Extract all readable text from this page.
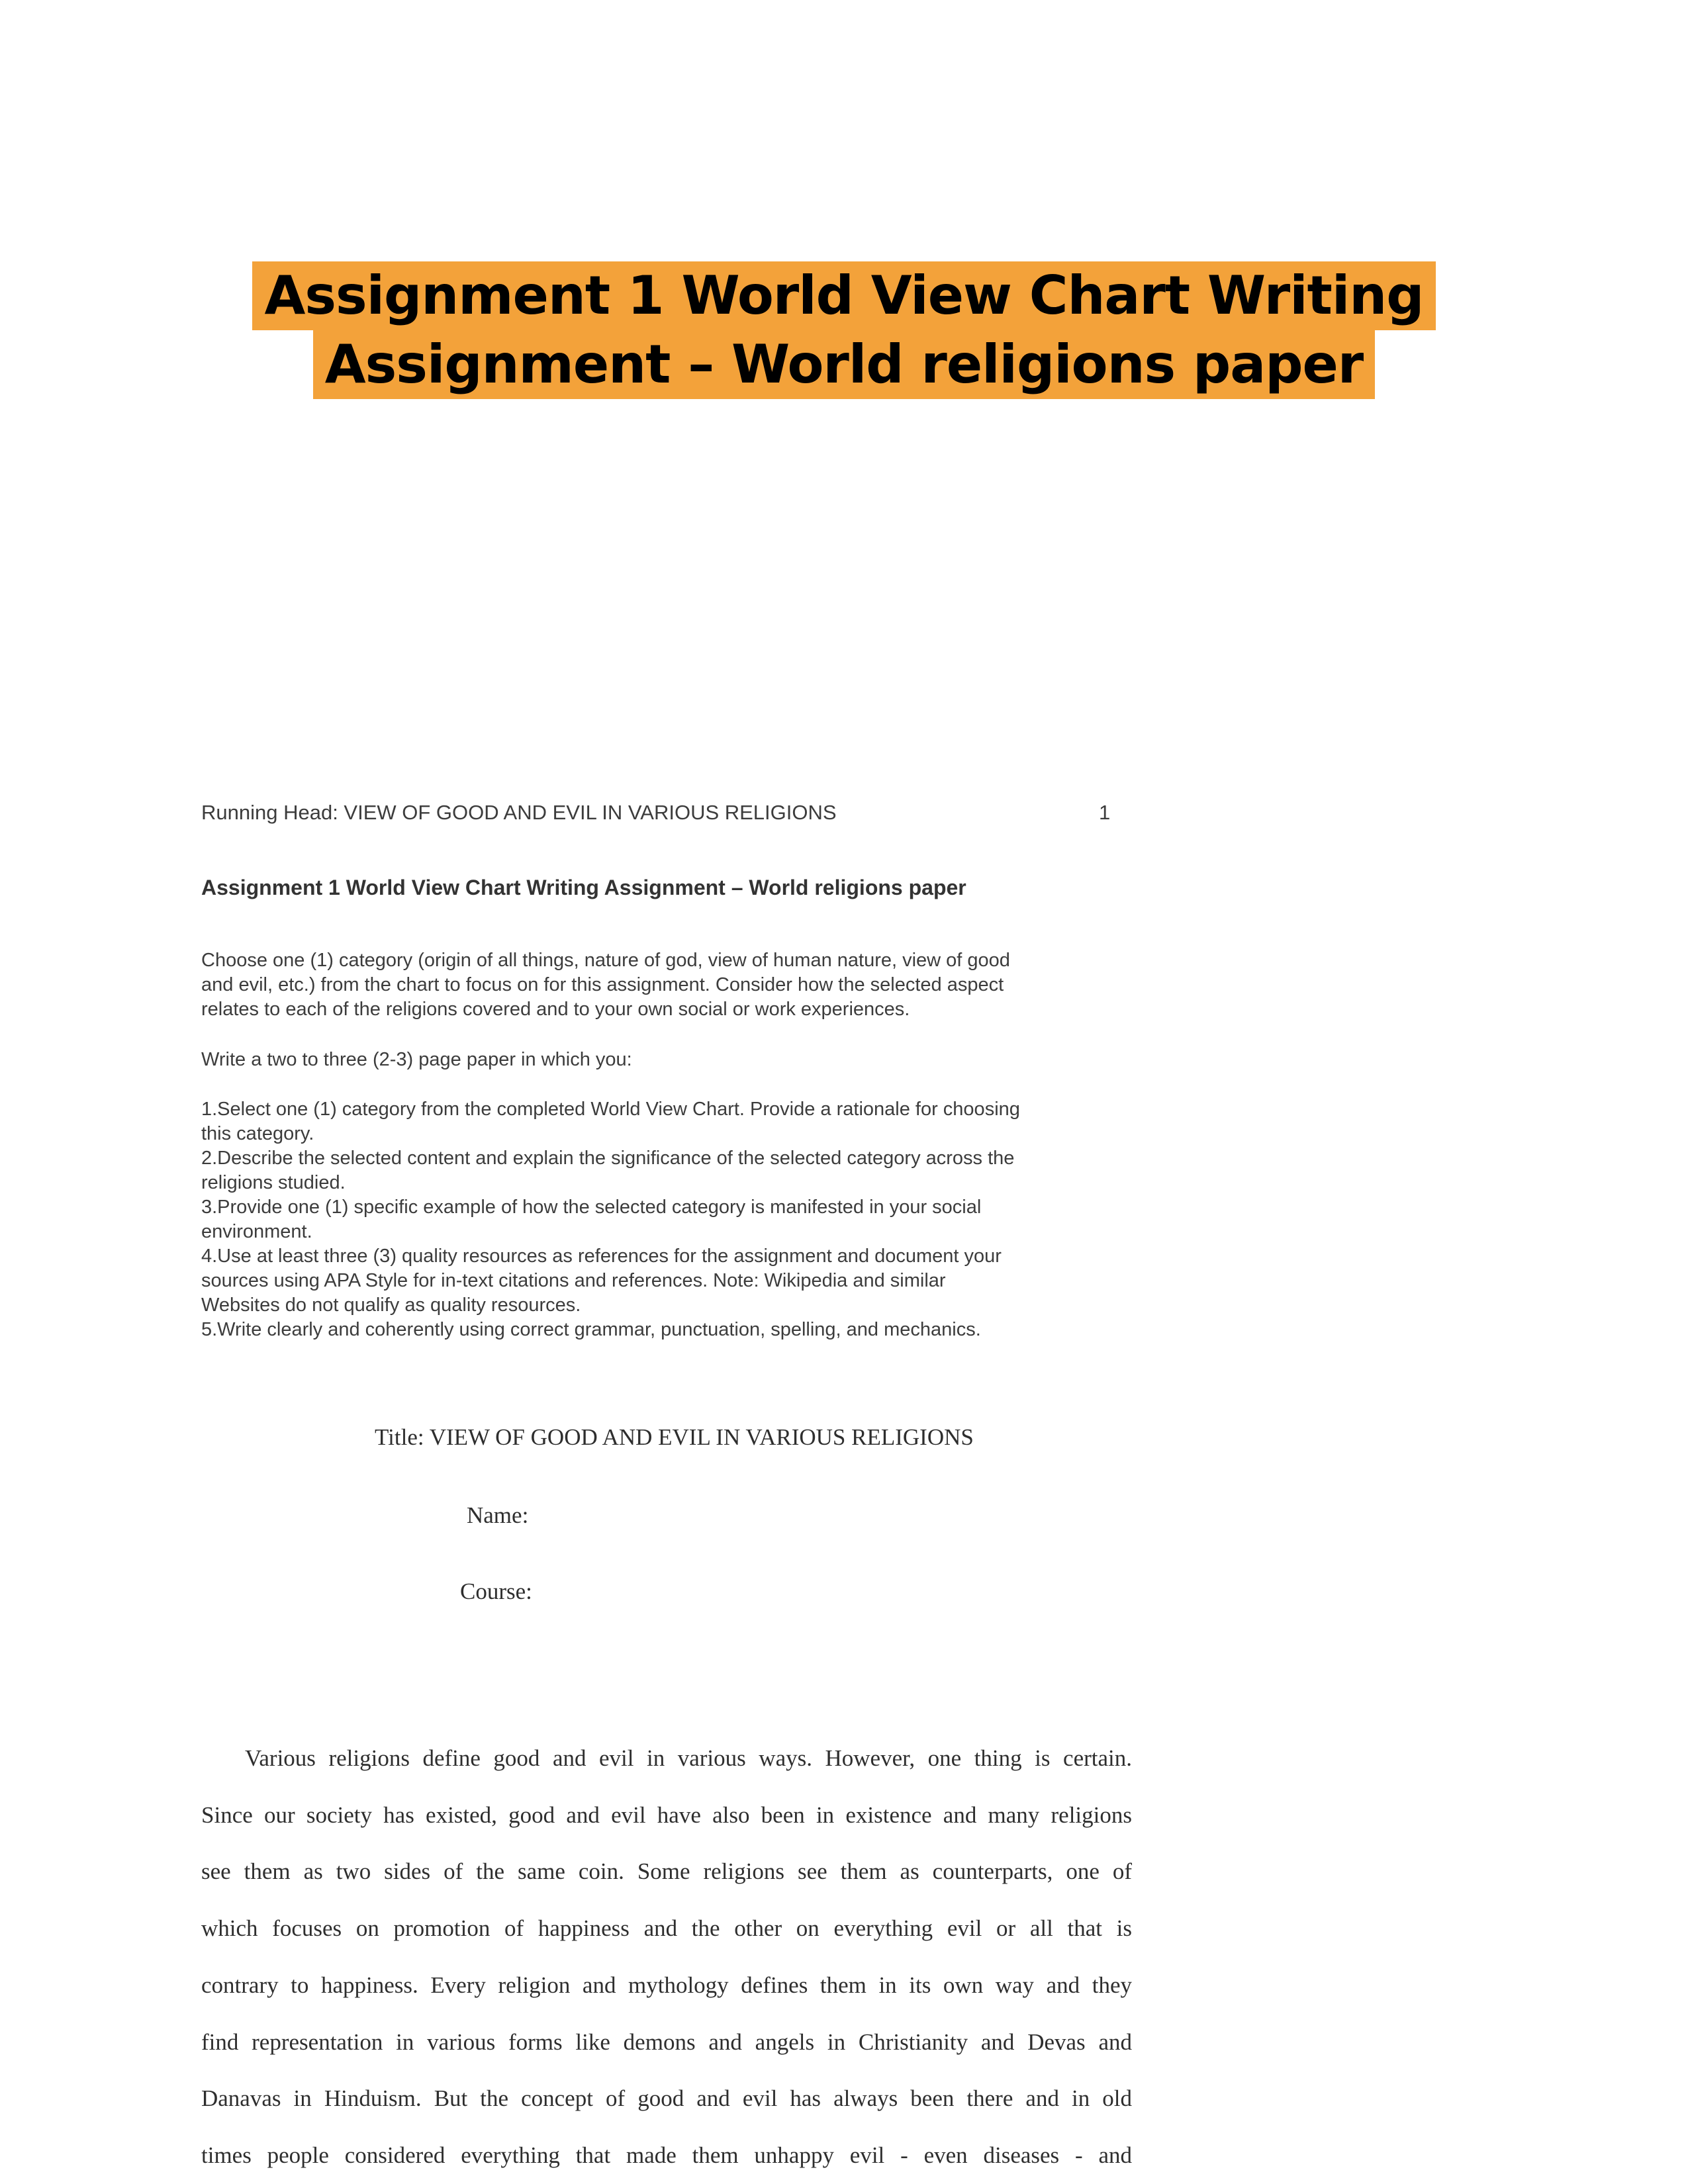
Assignment 1 World View Chart Writing
Assignment – World religions paper
Running Head: VIEW OF GOOD AND EVIL IN VARIOUS RELIGIONS	1
Assignment 1 World View Chart Writing Assignment – World religions paper
Choose one (1) category (origin of all things, nature of god, view of human nature, view of good
and evil, etc.) from the chart to focus on for this assignment. Consider how the selected aspect
relates to each of the religions covered and to your own social or work experiences.
Write a two to three (2-3) page paper in which you:
1.Select one (1) category from the completed World View Chart. Provide a rationale for choosing
this category.
2.Describe the selected content and explain the significance of the selected category across the
religions studied.
3.Provide one (1) specific example of how the selected category is manifested in your social
environment.
4.Use at least three (3) quality resources as references for the assignment and document your
sources using APA Style for in-text citations and references. Note: Wikipedia and similar
Websites do not qualify as quality resources.
5.Write clearly and coherently using correct grammar, punctuation, spelling, and mechanics.
Title: VIEW OF GOOD AND EVIL IN VARIOUS RELIGIONS
Name:
Course:
Various religions define good and evil in various ways. However, one thing is certain.
Since our society has existed, good and evil have also been in existence and many religions
see them as two sides of the same coin. Some religions see them as counterparts, one of
which focuses on promotion of happiness and the other on everything evil or all that is
contrary to happiness. Every religion and mythology defines them in its own way and they
find representation in various forms like demons and angels in Christianity and Devas and
Danavas in Hinduism. But the concept of good and evil has always been there and in old
times people considered everything that made them unhappy evil - even diseases - and
